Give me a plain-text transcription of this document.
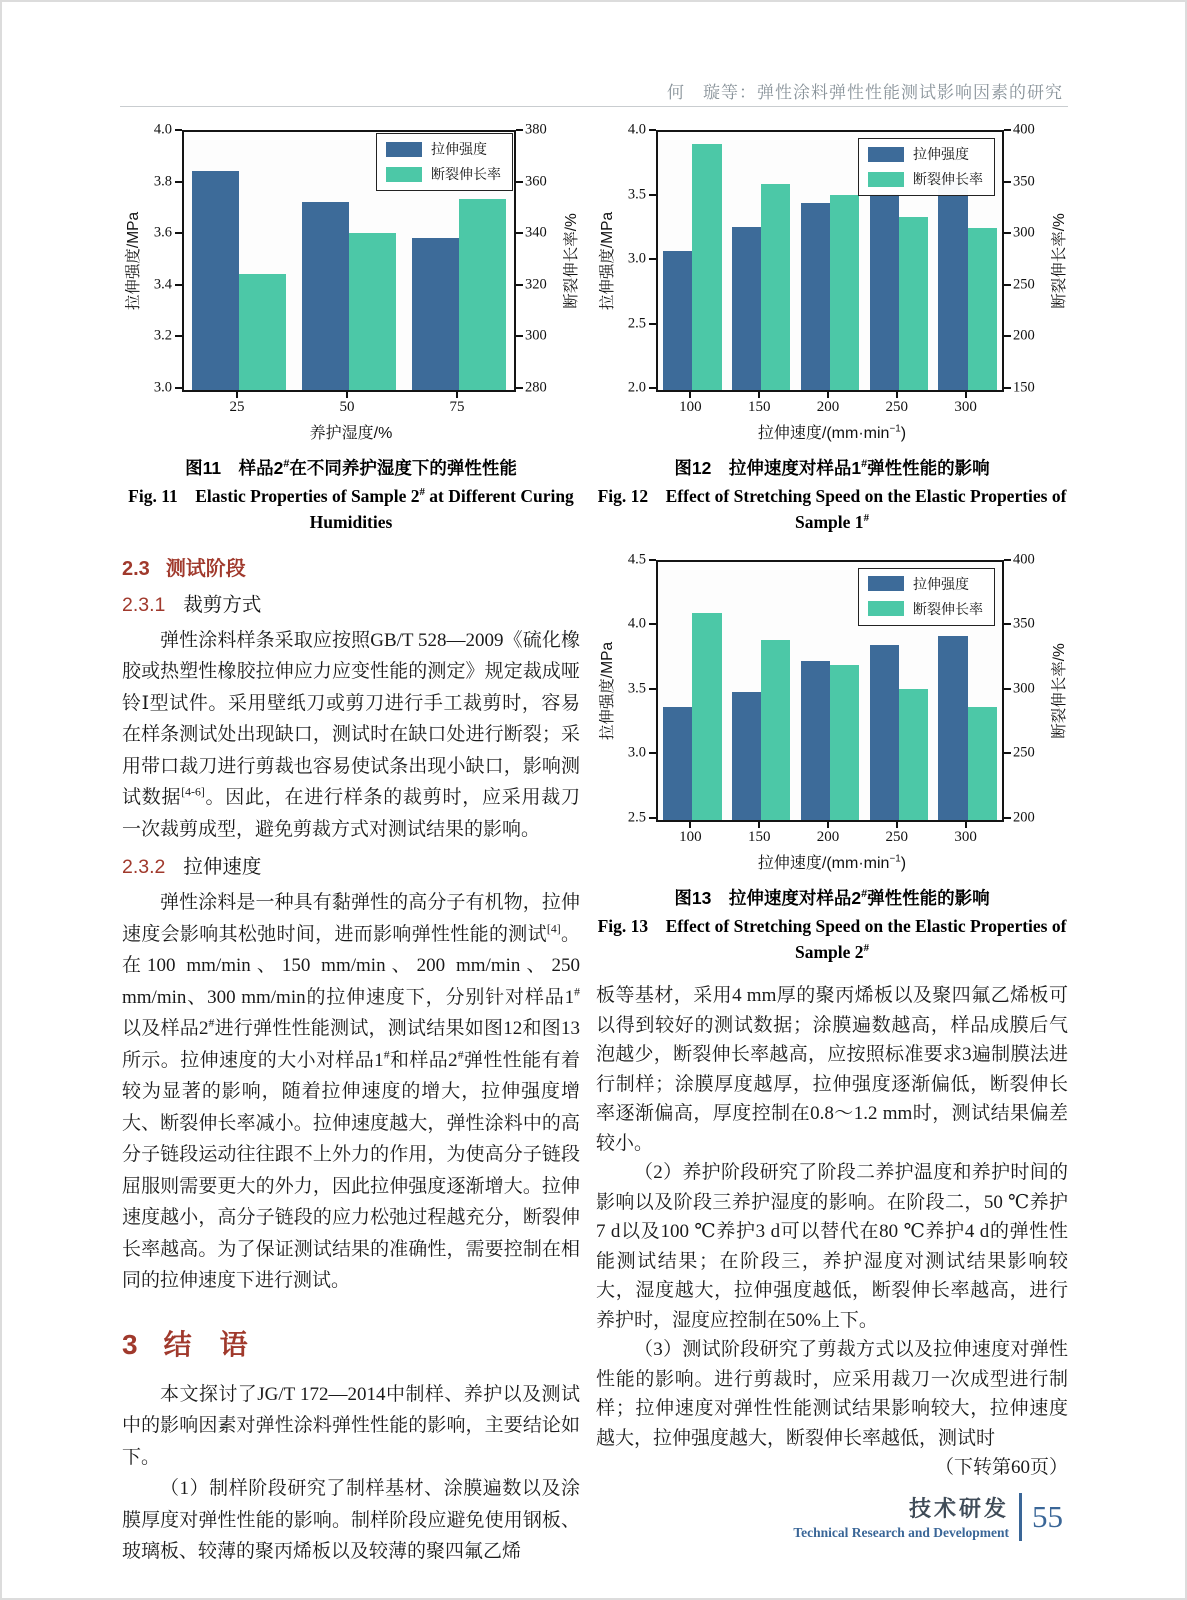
何　璇等：弹性涂料弹性性能测试影响因素的研究
拉伸强度/MPa
4.0
3.8
3.6
3.4
3.2
3.0
拉伸强度
断裂伸长率
380
360
340
320
300
280
断裂伸长率/%
25	50	75
养护湿度/%
图11　样品2#在不同养护湿度下的弹性性能
Fig. 11　Elastic Properties of Sample 2# at Different Curing Humidities
2.3 测试阶段
2.3.1 裁剪方式

弹性涂料样条采取应按照GB/T 528—2009《硫化橡胶或热塑性橡胶拉伸应力应变性能的测定》规定裁成哑铃Ⅰ型试件。采用壁纸刀或剪刀进行手工裁剪时，容易在样条测试处出现缺口，测试时在缺口处进行断裂；采用带口裁刀进行剪裁也容易使试条出现小缺口，影响测试数据[4-6]。因此，在进行样条的裁剪时，应采用裁刀一次裁剪成型，避免剪裁方式对测试结果的影响。

2.3.2 拉伸速度

弹性涂料是一种具有黏弹性的高分子有机物，拉伸速度会影响其松弛时间，进而影响弹性性能的测试[4]。在100 mm/min、150 mm/min、200 mm/min、250 mm/min、300 mm/min的拉伸速度下，分别针对样品1#以及样品2#进行弹性性能测试，测试结果如图12和图13所示。拉伸速度的大小对样品1#和样品2#弹性性能有着较为显著的影响，随着拉伸速度的增大，拉伸强度增大、断裂伸长率减小。拉伸速度越大，弹性涂料中的高分子链段运动往往跟不上外力的作用，为使高分子链段屈服则需要更大的外力，因此拉伸强度逐渐增大。拉伸速度越小，高分子链段的应力松弛过程越充分，断裂伸长率越高。为了保证测试结果的准确性，需要控制在相同的拉伸速度下进行测试。

3 结　语

本文探讨了JG/T 172—2014中制样、养护以及测试中的影响因素对弹性涂料弹性性能的影响，主要结论如下。

（1）制样阶段研究了制样基材、涂膜遍数以及涂膜厚度对弹性性能的影响。制样阶段应避免使用钢板、玻璃板、较薄的聚丙烯板以及较薄的聚四氟乙烯

拉伸强度/MPa
4.0
3.5
3.0
2.5
2.0
拉伸强度
断裂伸长率
400
350
300
250
200
150
断裂伸长率/%
100	150	200	250	300
拉伸速度$/(mm\cdot\min^{-1})$
图12　拉伸速度对样品1#弹性性能的影响
Fig. 12　Effect of Stretching Speed on the Elastic Properties of Sample 1#
拉伸强度/MPa
4.5
4.0
3.5
3.0
2.5
拉伸强度
断裂伸长率
400
350
300
250
200
断裂伸长率/%
100	150	200	250	300
拉伸速度$/(mm\cdot\min^{-1})$
图13　拉伸速度对样品2#弹性性能的影响
Fig. 13　Effect of Stretching Speed on the Elastic Properties of Sample 2#

板等基材，采用4 mm厚的聚丙烯板以及聚四氟乙烯板可以得到较好的测试数据；涂膜遍数越高，样品成膜后气泡越少，断裂伸长率越高，应按照标准要求3遍制膜法进行制样；涂膜厚度越厚，拉伸强度逐渐偏低，断裂伸长率逐渐偏高，厚度控制在0.8～1.2 mm时，测试结果偏差较小。

（2）养护阶段研究了阶段二养护温度和养护时间的影响以及阶段三养护湿度的影响。在阶段二，50 ℃养护7 d以及100 ℃养护3 d可以替代在80 ℃养护4 d的弹性性能测试结果；在阶段三，养护湿度对测试结果影响较大，湿度越大，拉伸强度越低，断裂伸长率越高，进行养护时，湿度应控制在50%上下。

（3）测试阶段研究了剪裁方式以及拉伸速度对弹性性能的影响。进行剪裁时，应采用裁刀一次成型进行制样；拉伸速度对弹性性能测试结果影响较大，拉伸速度越大，拉伸强度越大，断裂伸长率越低，测试时

（下转第60页）

技术研发
Technical Research and Development 55
